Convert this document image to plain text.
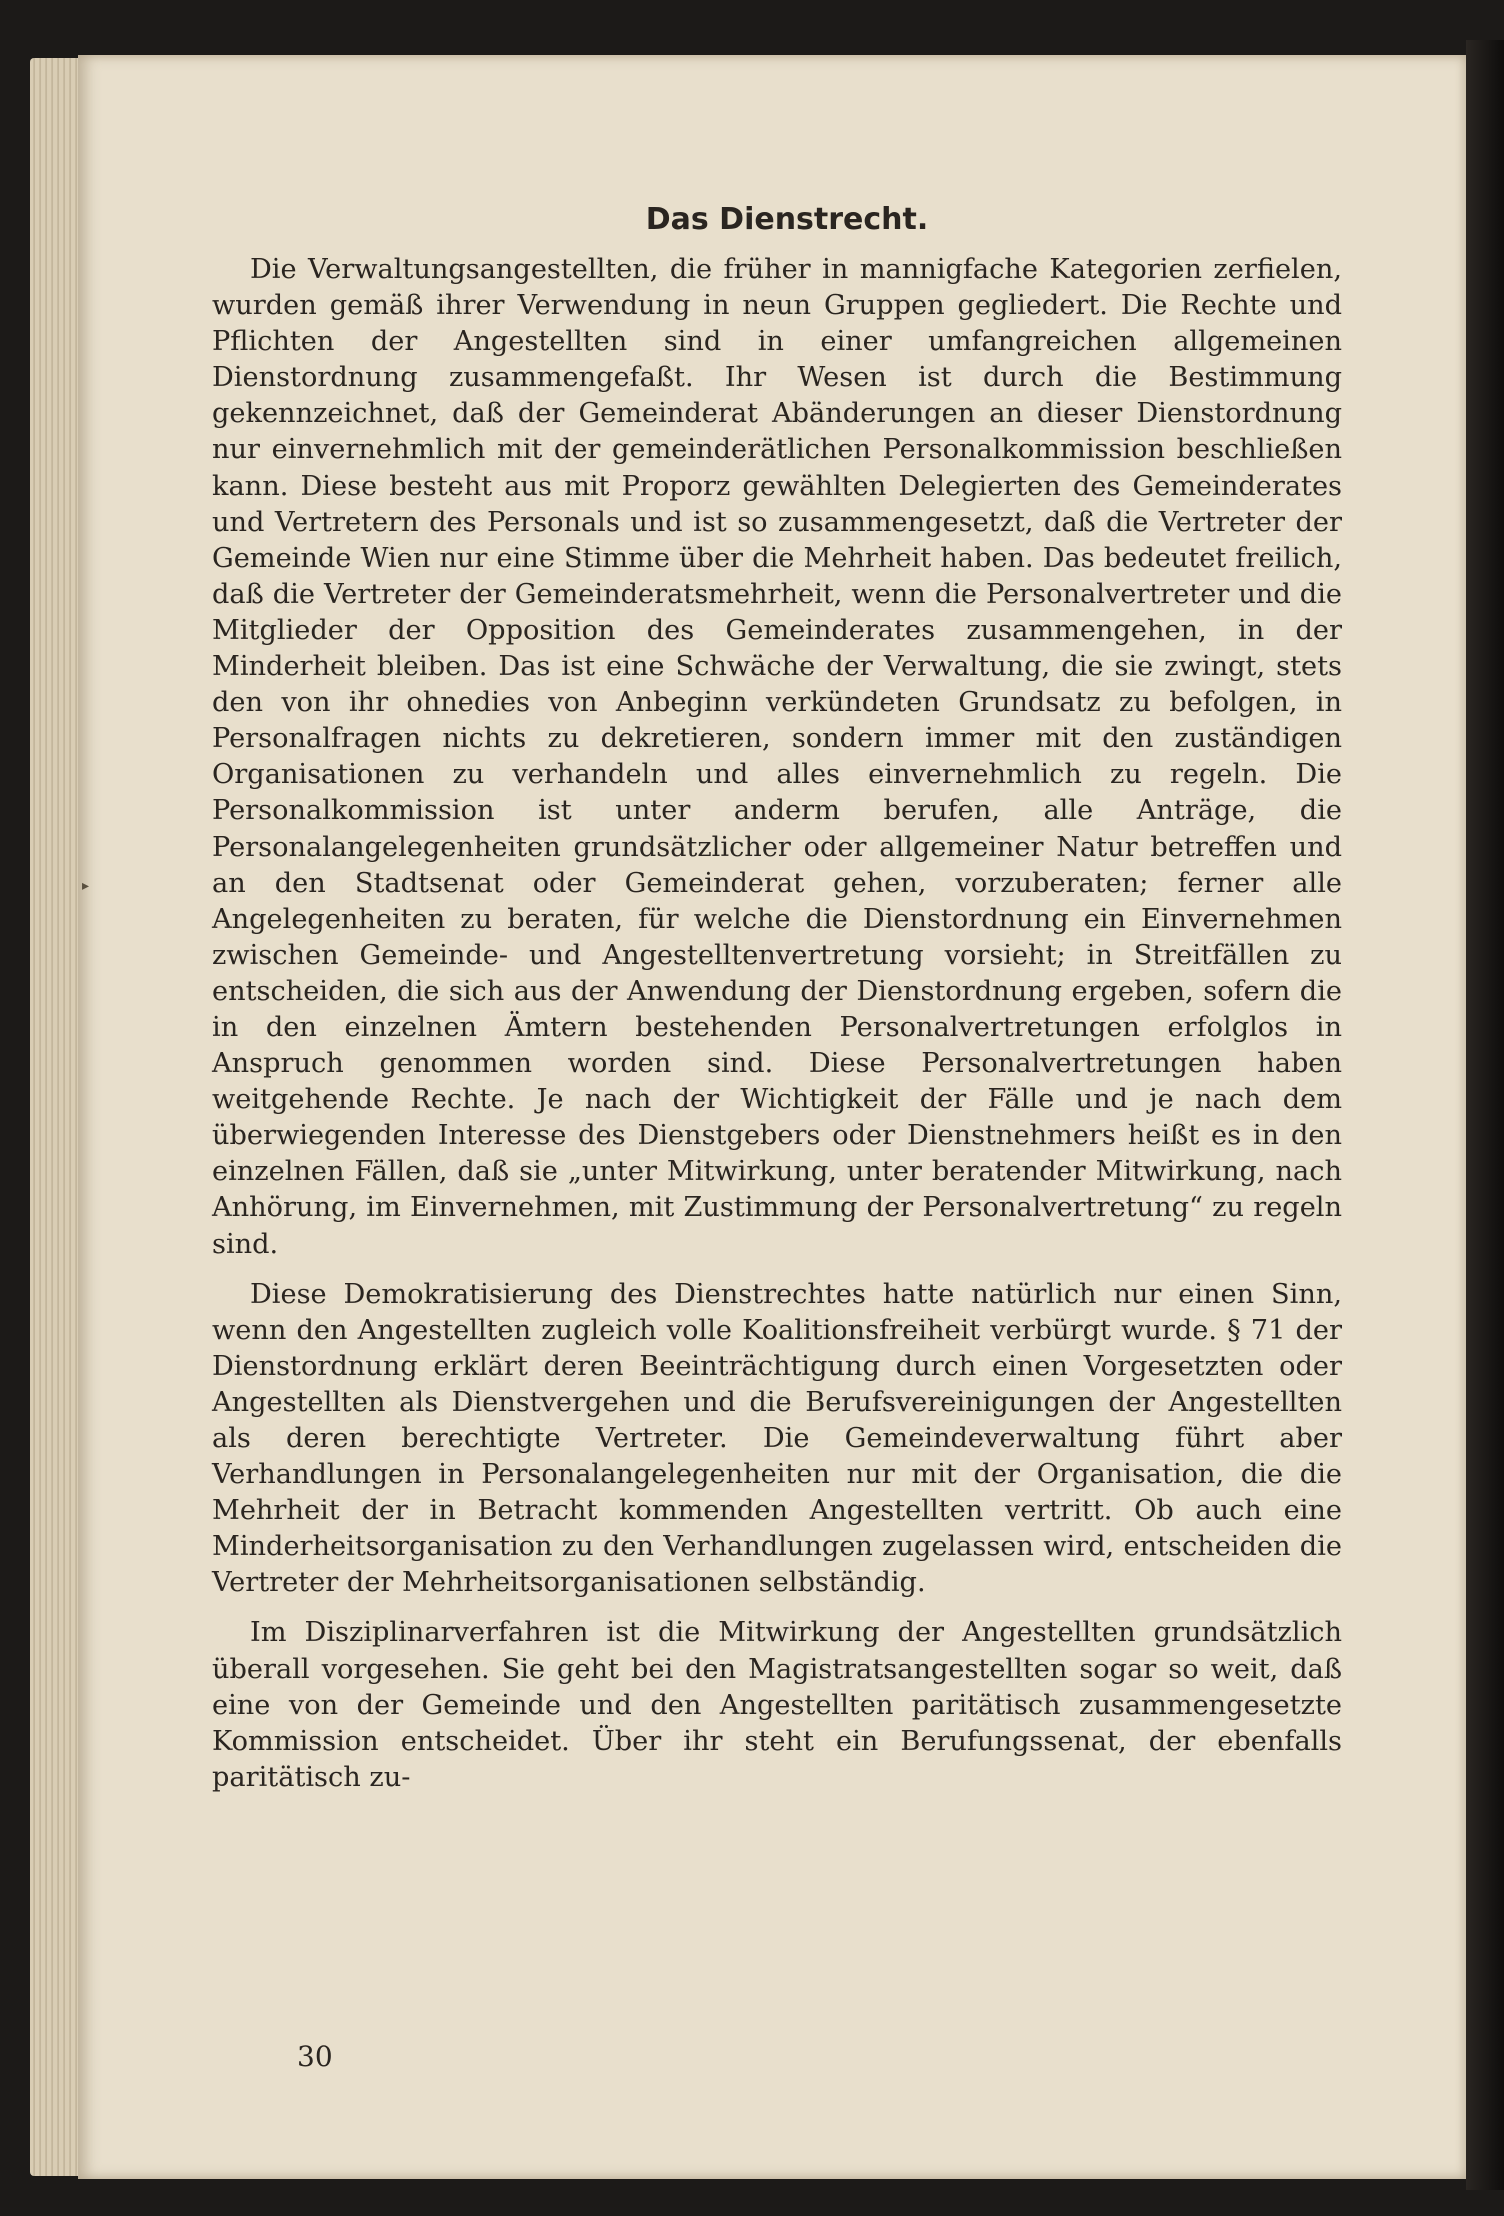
▸
Das Dienstrecht.

Die Verwaltungsangestellten, die früher in mannigfache Kategorien zerfielen, wurden gemäß ihrer Verwendung in neun Gruppen gegliedert. Die Rechte und Pflichten der Angestellten sind in einer umfangreichen allgemeinen Dienstordnung zusammengefaßt. Ihr Wesen ist durch die Bestimmung gekennzeichnet, daß der Gemeinderat Abänderungen an dieser Dienstordnung nur einvernehmlich mit der gemeinderätlichen Personalkommission beschließen kann. Diese besteht aus mit Proporz gewählten Delegierten des Gemeinderates und Vertretern des Personals und ist so zusammengesetzt, daß die Vertreter der Gemeinde Wien nur eine Stimme über die Mehrheit haben. Das bedeutet freilich, daß die Vertreter der Gemeinderatsmehrheit, wenn die Personalvertreter und die Mitglieder der Opposition des Gemeinderates zusammengehen, in der Minderheit bleiben. Das ist eine Schwäche der Verwaltung, die sie zwingt, stets den von ihr ohnedies von Anbeginn verkündeten Grundsatz zu befolgen, in Personalfragen nichts zu dekretieren, sondern immer mit den zuständigen Organisationen zu verhandeln und alles einvernehmlich zu regeln. Die Personalkommission ist unter anderm berufen, alle Anträge, die Personalangelegenheiten grundsätzlicher oder allgemeiner Natur betreffen und an den Stadtsenat oder Gemeinderat gehen, vorzuberaten; ferner alle Angelegenheiten zu beraten, für welche die Dienstordnung ein Einvernehmen zwischen Gemeinde- und Angestelltenvertretung vorsieht; in Streitfällen zu entscheiden, die sich aus der Anwendung der Dienstordnung ergeben, sofern die in den einzelnen Ämtern bestehenden Personalvertretungen erfolglos in Anspruch genommen worden sind. Diese Personalvertretungen haben weitgehende Rechte. Je nach der Wichtigkeit der Fälle und je nach dem überwiegenden Interesse des Dienstgebers oder Dienstnehmers heißt es in den einzelnen Fällen, daß sie „unter Mitwirkung, unter beratender Mitwirkung, nach Anhörung, im Einvernehmen, mit Zustimmung der Personalvertretung“ zu regeln sind.

Diese Demokratisierung des Dienstrechtes hatte natürlich nur einen Sinn, wenn den Angestellten zugleich volle Koalitionsfreiheit verbürgt wurde. § 71 der Dienstordnung erklärt deren Beeinträchtigung durch einen Vorgesetzten oder Angestellten als Dienstvergehen und die Berufsvereinigungen der Angestellten als deren berechtigte Vertreter. Die Gemeindeverwaltung führt aber Verhandlungen in Personalangelegenheiten nur mit der Organisation, die die Mehrheit der in Betracht kommenden Angestellten vertritt. Ob auch eine Minderheitsorganisation zu den Verhandlungen zugelassen wird, entscheiden die Vertreter der Mehrheitsorganisationen selbständig.

Im Disziplinarverfahren ist die Mitwirkung der Angestellten grundsätzlich überall vorgesehen. Sie geht bei den Magistratsangestellten sogar so weit, daß eine von der Gemeinde und den Angestellten paritätisch zusammengesetzte Kommission entscheidet. Über ihr steht ein Berufungssenat, der ebenfalls paritätisch zu-

30
